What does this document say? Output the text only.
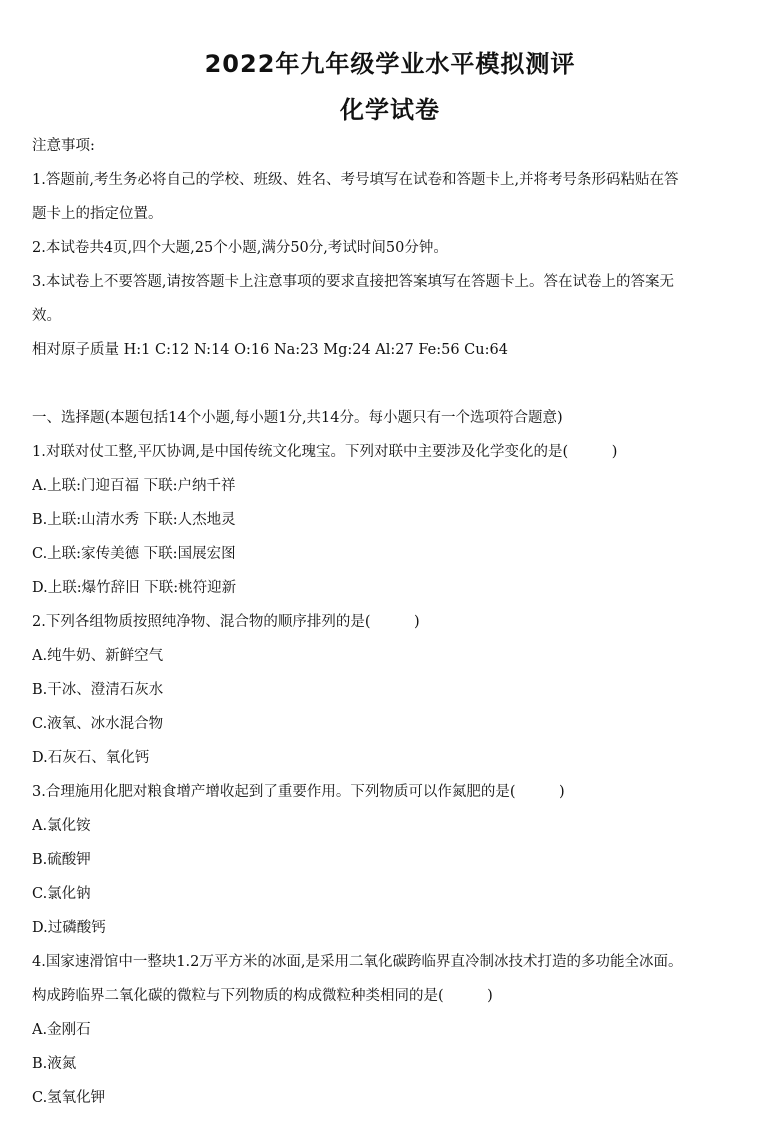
2022年九年级学业水平模拟测评
化学试卷
注意事项:
1.答题前,考生务必将自己的学校、班级、姓名、考号填写在试卷和答题卡上,并将考号条形码粘贴在答
题卡上的指定位置。
2.本试卷共4页,四个大题,25个小题,满分50分,考试时间50分钟。
3.本试卷上不要答题,请按答题卡上注意事项的要求直接把答案填写在答题卡上。答在试卷上的答案无
效。
相对原子质量 H:1 C:12 N:14 O:16 Na:23 Mg:24 Al:27 Fe:56 Cu:64
一、选择题(本题包括14个小题,每小题1分,共14分。每小题只有一个选项符合题意)
1.对联对仗工整,平仄协调,是中国传统文化瑰宝。下列对联中主要涉及化学变化的是(　　　)
A.上联:门迎百福 下联:户纳千祥
B.上联:山清水秀 下联:人杰地灵
C.上联:家传美德 下联:国展宏图
D.上联:爆竹辞旧 下联:桃符迎新
2.下列各组物质按照纯净物、混合物的顺序排列的是(　　　)
A.纯牛奶、新鲜空气
B.干冰、澄清石灰水
C.液氧、冰水混合物
D.石灰石、氧化钙
3.合理施用化肥对粮食增产增收起到了重要作用。下列物质可以作氮肥的是(　　　)
A.氯化铵
B.硫酸钾
C.氯化钠
D.过磷酸钙
4.国家速滑馆中一整块1.2万平方米的冰面,是采用二氧化碳跨临界直冷制冰技术打造的多功能全冰面。
构成跨临界二氧化碳的微粒与下列物质的构成微粒种类相同的是(　　　)
A.金刚石
B.液氮
C.氢氧化钾
